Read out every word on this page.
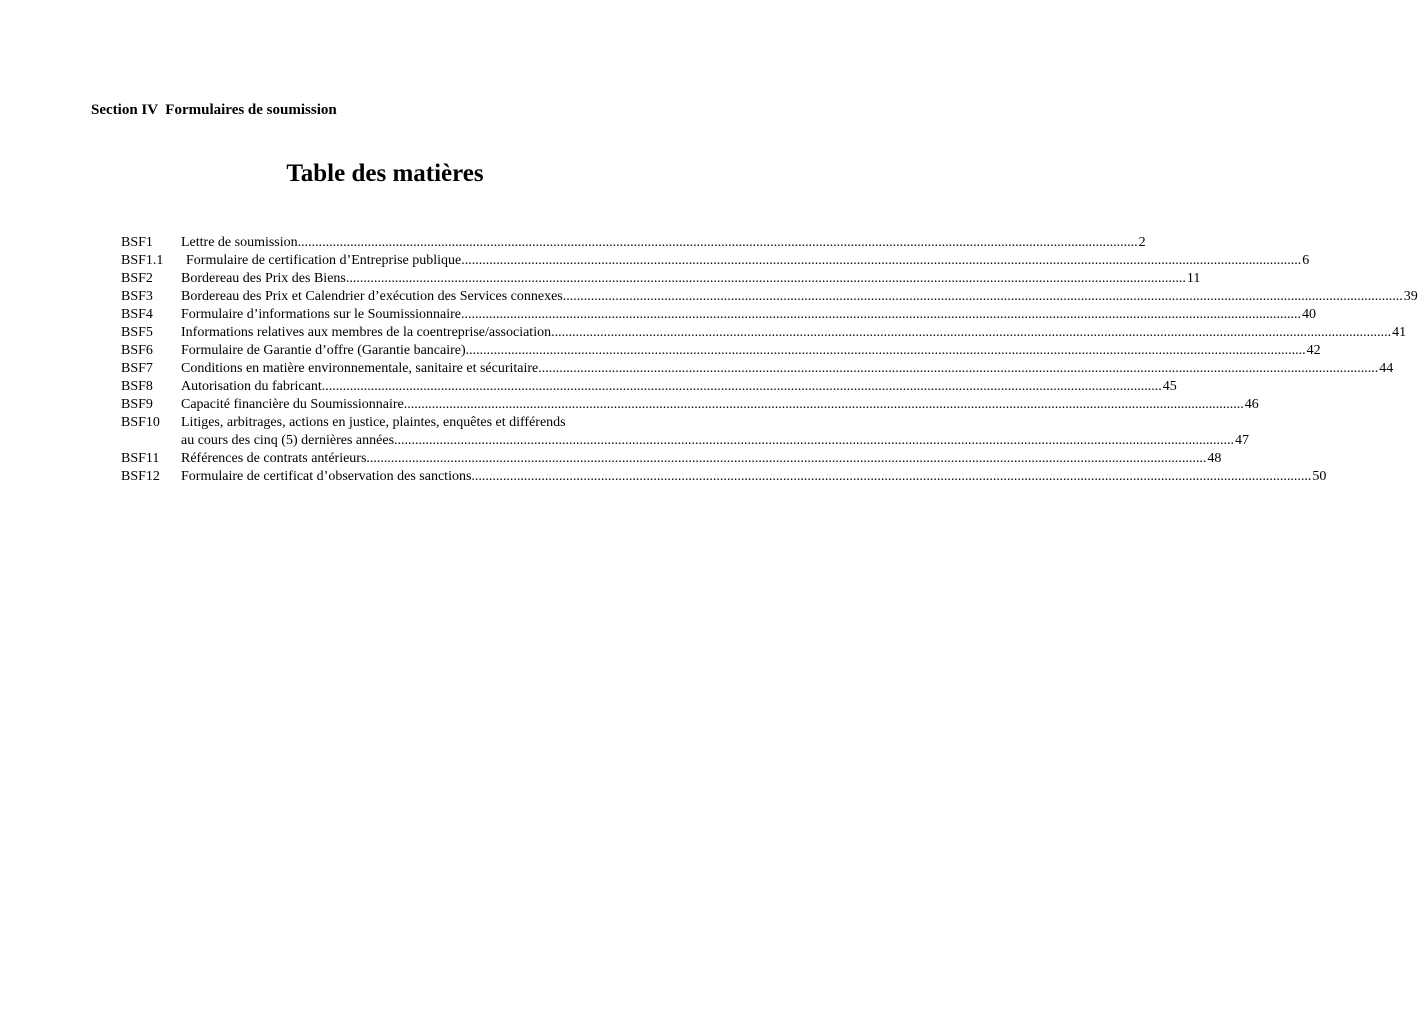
Section IV  Formulaires de soumission
Table des matières
BSF1	Lettre de soumission .....	2
BSF1.1	Formulaire de certification d’Entreprise publique .....	6
BSF2	Bordereau des Prix des Biens .....	11
BSF3	Bordereau des Prix et Calendrier d’exécution des Services connexes .....	39
BSF4	Formulaire d’informations sur le Soumissionnaire .....	40
BSF5	Informations relatives aux membres de la coentreprise/association .....	41
BSF6	Formulaire de Garantie d’offre (Garantie bancaire) .....	42
BSF7	Conditions en matière environnementale, sanitaire et sécuritaire .....	44
BSF8	Autorisation du fabricant .....	45
BSF9	Capacité financière du Soumissionnaire .....	46
BSF10	Litiges, arbitrages, actions en justice, plaintes, enquêtes et différends
au cours des cinq (5) dernières années .....	47
BSF11	Références de contrats antérieurs .....	48
BSF12	Formulaire de certificat d’observation des sanctions .....	50
